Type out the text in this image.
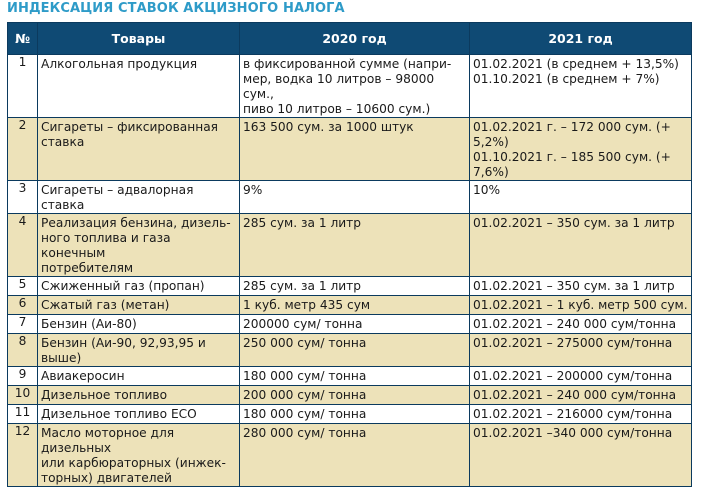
ИНДЕКСАЦИЯ СТАВОК АКЦИЗНОГО НАЛОГА
№	Товары	2020 год	2021 год
1	Алкогольная продукция	в фиксированной сумме (напри-
мер, водка 10 литров – 98000 сум.,
пиво 10 литров – 10600 сум.)	01.02.2021 (в среднем + 13,5%)
01.10.2021 (в среднем + 7%)
2	Сигареты – фиксированная
ставка	163 500 сум. за 1000 штук	01.02.2021 г. – 172 000 сум. (+ 5,2%)
01.10.2021 г. – 185 500 сум. (+ 7,6%)
3	Сигареты – адвалорная ставка	9%	10%
4	Реализация бензина, дизель-
ного топлива и газа конечным
потребителям	285 сум. за 1 литр	01.02.2021 – 350 сум. за 1 литр
5	Сжиженный газ (пропан)	285 сум. за 1 литр	01.02.2021 – 350 сум. за 1 литр
6	Сжатый газ (метан)	1 куб. метр 435 сум	01.02.2021 – 1 куб. метр 500 сум.
7	Бензин (Аи-80)	200000 сум/ тонна	01.02.2021 – 240 000 сум/тонна
8	Бензин (Аи-90, 92,93,95 и выше)	250 000 сум/ тонна	01.02.2021 – 275000 сум/тонна
9	Авиакеросин	180 000 сум/ тонна	01.02.2021 – 200000 сум/тонна
10	Дизельное топливо	200 000 сум/ тонна	01.02.2021 – 240 000 сум/тонна
11	Дизельное топливо ECO	180 000 сум/ тонна	01.02.2021 – 216000 сум/тонна
12	Масло моторное для дизельных
или карбюраторных (инжек-
торных) двигателей	280 000 сум/ тонна	01.02.2021 –340 000 сум/тонна
